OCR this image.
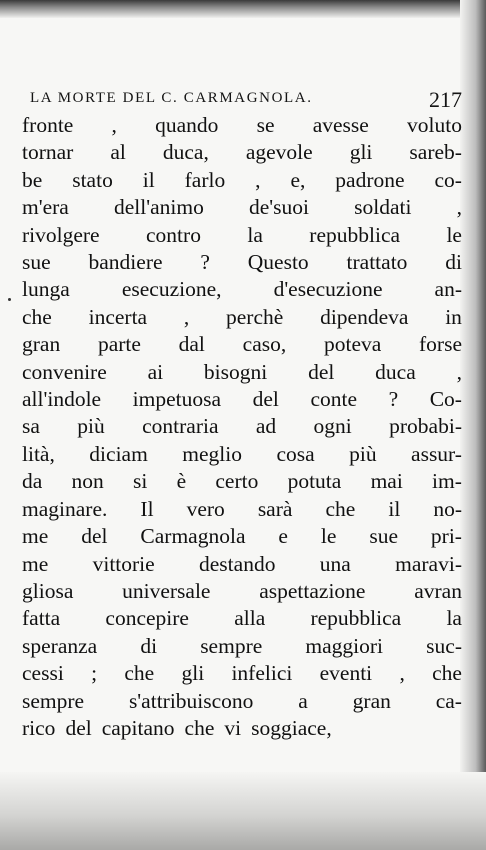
LA MORTE DEL C. CARMAGNOLA.	217
fronte , quando se avesse voluto
tornar al duca, agevole gli sareb-
be stato il farlo , e, padrone co-
m'era dell'animo de'suoi soldati ,
rivolgere contro la repubblica le
sue bandiere ? Questo trattato di
lunga esecuzione, d'esecuzione an-
che incerta , perchè dipendeva in
gran parte dal caso, poteva forse
convenire ai bisogni del duca ,
all'indole impetuosa del conte ? Co-
sa più contraria ad ogni probabi-
lità, diciam meglio cosa più assur-
da non si è certo potuta mai im-
maginare. Il vero sarà che il no-
me del Carmagnola e le sue pri-
me vittorie destando una maravi-
gliosa universale aspettazione avran
fatta concepire alla repubblica la
speranza di sempre maggiori suc-
cessi ; che gli infelici eventi , che
sempre s'attribuiscono a gran ca-
rico del capitano che vi soggiace,
